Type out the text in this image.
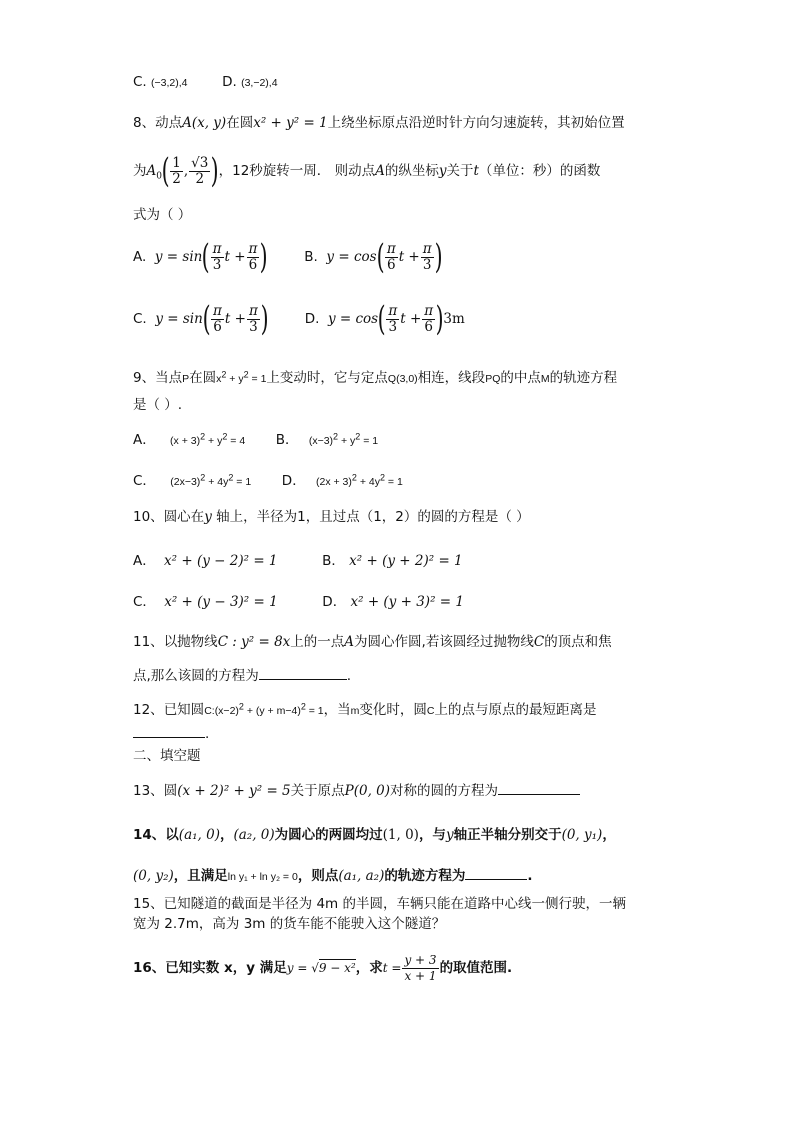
C. (−3,2),4	D. (3,−2),4
8、动点A(x, y)在圆x² + y² = 1上绕坐标原点沿逆时针方向匀速旋转，其初始位置
为$A_0( \frac{1}{2}$ , $\frac{√3}{2}$ )，12秒旋转一周． 则动点A的纵坐标y关于t（单位：秒）的函数
式为（ ）
A. $y = \sin( \frac{\pi}{3}$ $t + \frac{\pi}{6}$ )	B. $y = \cos( \frac{\pi}{6}$ $t + \frac{\pi}{3}$ )
C. $y = \sin( \frac{\pi}{6}$ $t + \frac{\pi}{3}$ )	D. $y = \cos( \frac{\pi}{3}$ $t + \frac{\pi}{6} )3m$
9、当点P在圆$x^2 + y^2 = 1$上变动时，它与定点Q(3,0)相连，线段PQ的中点M的轨迹方程
是（ ）.
A． $(x + 3)^2 + y^2 = 4$ B． $(x-3)^2 + y^2 = 1$
C． $(2x-3)^2 + 4y^2 = 1$ D． $(2x + 3)^2 + 4y^2 = 1$
10、圆心在y 轴上，半径为1，且过点（1，2）的圆的方程是（ ）
A． x² + (y − 2)² = 1	B． x² + (y + 2)² = 1
C． x² + (y − 3)² = 1	D． x² + (y + 3)² = 1
11、以抛物线C : y² = 8x上的一点A为圆心作圆,若该圆经过抛物线C的顶点和焦
点,那么该圆的方程为	.
12、已知圆$C:(x-2)^2 + (y + m-4)^2 = 1$，当m变化时，圆C上的点与原点的最短距离是
.
二、填空题
13、圆(x + 2)² + y² = 5关于原点P(0, 0)对称的圆的方程为
14、以(a₁, 0)，(a₂, 0)为圆心的两圆均过(1, 0)，与y轴正半轴分别交于(0, y₁)，
(0, y₂)，且满足ln y₁ + ln y₂ = 0，则点(a₁, a₂)的轨迹方程为	.
15、已知隧道的截面是半径为 4m 的半圆，车辆只能在道路中心线一侧行驶，一辆
宽为 2.7m，高为 3m 的货车能不能驶入这个隧道？
16、已知实数 x，y 满足y = √9 − x²，求$t = \frac{y + 3}{x + 1}$ 的取值范围.
